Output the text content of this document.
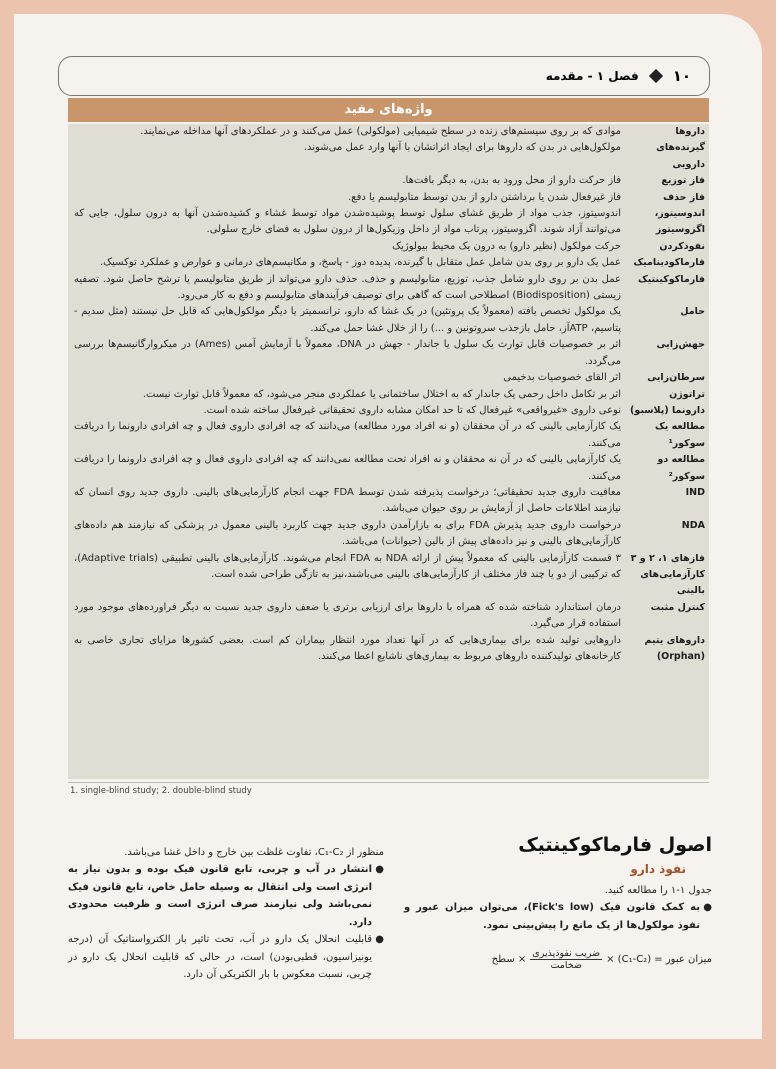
۱۰
فصل ۱ - مقدمه
واژه‌های مفید
داروها
موادی که بر روی سیستم‌های زنده در سطح شیمیایی (مولکولی) عمل می‌کنند و در عملکردهای آنها مداخله می‌نمایند.
گیرنده‌های دارویی
مولکول‌هایی در بدن که داروها برای ایجاد اثراتشان با آنها وارد عمل می‌شوند.
فاز توزیع
فاز حرکت دارو از محل ورود به بدن، به دیگر بافت‌ها.
فاز حذف
فاز غیرفعال شدن یا برداشتن دارو از بدن توسط متابولیسم یا دفع.
اندوسیتوز، اگزوسیتوز
اندوسیتوز، جذب مواد از طریق غشای سلول توسط پوشیده‌شدن مواد توسط غشاء و کشیده‌شدن آنها به درون سلول، جایی که می‌توانند آزاد شوند. اگزوسیتوز، پرتاب مواد از داخل وزیکول‌ها از درون سلول به فضای خارج سلولی.
نفوذکردن
حرکت مولکول (نظیر دارو) به درون یک محیط بیولوژیک
فارماکودینامیک
عمل یک دارو بر روی بدن شامل عمل متقابل با گیرنده، پدیده دوز - پاسخ، و مکانیسم‌های درمانی و عوارض و عملکرد توکسیک.
فارماکوکینتیک
عمل بدن بر روی دارو شامل جذب، توزیع، متابولیسم و حذف. حذف دارو می‌تواند از طریق متابولیسم یا ترشح حاصل شود. تصفیه زیستی (Biodisposition) اصطلاحی است که گاهی برای توصیف فرآیندهای متابولیسم و دفع به کار می‌رود.
حامل
یک مولکول تخصص یافته (معمولاً یک پروتئین) در یک غشا که دارو، ترانسمیتر یا دیگر مولکول‌هایی که قابل حل نیستند (مثل سدیم - پتاسیم، ATPآز، حامل بازجذب سروتونین و ...) را از خلال غشا حمل می‌کند.
جهش‌زایی
اثر بر خصوصیات قابل توارث یک سلول یا جاندار - جهش در DNA، معمولاً با آزمایش آمس (Ames) در میکروارگانیسم‌ها بررسی می‌گردد.
سرطان‌زایی
اثر القای خصوصیات بدخیمی
تراتوژن
اثر بر تکامل داخل رحمی یک جاندار که به اختلال ساختمانی یا عملکردی منجر می‌شود، که معمولاً قابل توارث نیست.
دارونما (پلاسبو)
نوعی داروی «غیرواقعی» غیرفعال که تا حد امکان مشابه داروی تحقیقاتی غیرفعال ساخته شده است.
مطالعه یک سوکور¹
یک کارآزمایی بالینی که در آن محققان (و نه افراد مورد مطالعه) می‌دانند که چه افرادی داروی فعال و چه افرادی دارونما را دریافت می‌کنند.
مطالعه دو سوکور²
یک کارآزمایی بالینی که در آن نه محققان و نه افراد تحت مطالعه نمی‌دانند که چه افرادی داروی فعال و چه افرادی دارونما را دریافت می‌کنند.
IND
معافیت داروی جدید تحقیقاتی؛ درخواست پذیرفته شدن توسط FDA جهت انجام کارآزمایی‌های بالینی. داروی جدید روی انسان که نیازمند اطلاعات حاصل از آزمایش بر روی حیوان می‌باشد.
NDA
درخواست داروی جدید پذیرش FDA برای به بازارآمدن داروی جدید جهت کاربرد بالینی معمول در پزشکی که نیازمند هم داده‌های کارآزمایی‌های بالینی و نیز داده‌های پیش از بالین (حیوانات) می‌باشد.
فازهای ۱، ۲ و ۳ کارآزمایی‌های بالینی
۳ قسمت کارآزمایی بالینی که معمولاً پیش از ارائه NDA به FDA انجام می‌شوند. کارآزمایی‌های بالینی تطبیقی (Adaptive trials)، که ترکیبی از دو یا چند فاز مختلف از کارآزمایی‌های بالینی می‌باشند،نیز به تازگی طراحی شده است.
کنترل مثبت
درمان استاندارد شناخته شده که همراه با داروها برای ارزیابی برتری یا ضعف داروی جدید نسبت به دیگر فراورده‌های موجود مورد استفاده قرار می‌گیرد.
داروهای یتیم (Orphan)
داروهایی تولید شده برای بیماری‌هایی که در آنها تعداد مورد انتظار بیماران کم است. بعضی کشورها مزایای تجاری خاصی به کارخانه‌های تولیدکننده داروهای مربوط به بیماری‌های ناشایع اعطا می‌کنند.
1. single-blind study; 2. double-blind study
اصول فارماکوکینتیک
نفوذ دارو
جدول ۱-۱ را مطالعه کنید.
●
به کمک قانون فیک (Fick's low)، می‌توان میزان عبور و نفوذ مولکول‌ها از یک مانع را پیش‌بینی نمود.
میزان عبور = (C₁-C₂) ×
$\frac{\text{ضریب نفوذپذیری}}{\text{ضخامت}}$
× سطح
منظور از C₁-C₂، تفاوت غلظت بین خارج و داخل غشا می‌باشد.
●
انتشار در آب و چربی، تابع قانون فیک بوده و بدون نیاز به انرژی است ولی انتقال به وسیله حامل خاص، تابع قانون فیک نمی‌باشد ولی نیازمند صرف انرژی است و ظرفیت محدودی دارد.
●
قابلیت انحلال یک دارو در آب، تحت تاثیر بار الکترواستاتیک آن (درجه یونیزاسیون، قطبی‌بودن) است، در حالی که قابلیت انحلال یک دارو در چربی، نسبت معکوس با بار الکتریکی آن دارد.
